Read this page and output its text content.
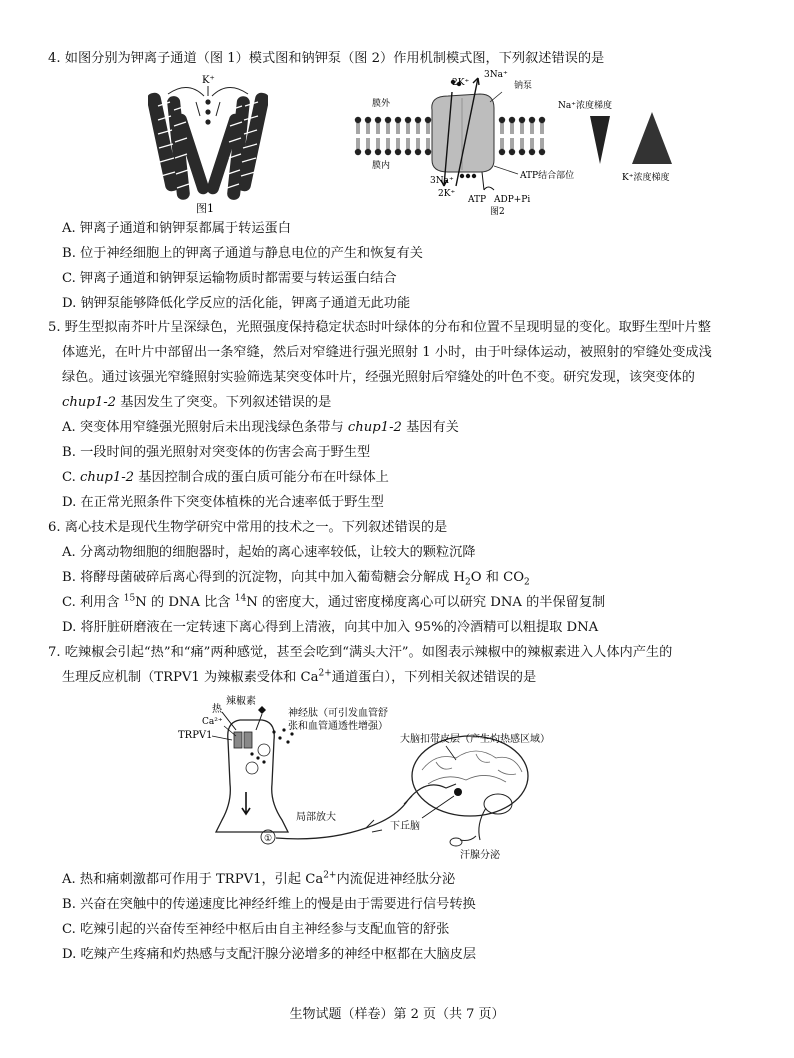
4. 如图分别为钾离子通道（图 1）模式图和钠钾泵（图 2）作用机制模式图，下列叙述错误的是
K⁺
图1
3Na⁺
2K⁺	钠泵
膜外
膜内
Na⁺浓度梯度
K⁺浓度梯度
ATP结合部位
3Na⁺
2K⁺
ATP ADP+Pi
图2
A. 钾离子通道和钠钾泵都属于转运蛋白
B. 位于神经细胞上的钾离子通道与静息电位的产生和恢复有关
C. 钾离子通道和钠钾泵运输物质时都需要与转运蛋白结合
D. 钠钾泵能够降低化学反应的活化能，钾离子通道无此功能
5. 野生型拟南芥叶片呈深绿色，光照强度保持稳定状态时叶绿体的分布和位置不呈现明显的变化。取野生型叶片整
体遮光，在叶片中部留出一条窄缝，然后对窄缝进行强光照射 1 小时，由于叶绿体运动，被照射的窄缝处变成浅
绿色。通过该强光窄缝照射实验筛选某突变体叶片，经强光照射后窄缝处的叶色不变。研究发现，该突变体的
chup1-2 基因发生了突变。下列叙述错误的是
A. 突变体用窄缝强光照射后未出现浅绿色条带与 chup1-2 基因有关
B. 一段时间的强光照射对突变体的伤害会高于野生型
C. chup1-2 基因控制合成的蛋白质可能分布在叶绿体上
D. 在正常光照条件下突变体植株的光合速率低于野生型
6. 离心技术是现代生物学研究中常用的技术之一。下列叙述错误的是
A. 分离动物细胞的细胞器时，起始的离心速率较低，让较大的颗粒沉降
B. 将酵母菌破碎后离心得到的沉淀物，向其中加入葡萄糖会分解成 $H_2O$ 和 $CO_2$
C. 利用含 $^{15}$N 的 DNA 比含 $^{14}$N 的密度大，通过密度梯度离心可以研究 DNA 的半保留复制
D. 将肝脏研磨液在一定转速下离心得到上清液，向其中加入 95%的冷酒精可以粗提取 DNA
7. 吃辣椒会引起“热”和“痛”两种感觉，甚至会吃到“满头大汗”。如图表示辣椒中的辣椒素进入人体内产生的
生理反应机制（TRPV1 为辣椒素受体和 $Ca^{2+}$通道蛋白），下列相关叙述错误的是
热
辣椒素
Ca²⁺
TRPV1
神经肽（可引发血管舒
张和血管通透性增强）
①
局部放大
大脑扣带皮层（产生灼热感区域）
下丘脑
汗腺分泌
A. 热和痛刺激都可作用于 TRPV1，引起 $Ca^{2+}$内流促进神经肽分泌
B. 兴奋在突触中的传递速度比神经纤维上的慢是由于需要进行信号转换
C. 吃辣引起的兴奋传至神经中枢后由自主神经参与支配血管的舒张
D. 吃辣产生疼痛和灼热感与支配汗腺分泌增多的神经中枢都在大脑皮层
生物试题（样卷）第 2 页（共 7 页）
